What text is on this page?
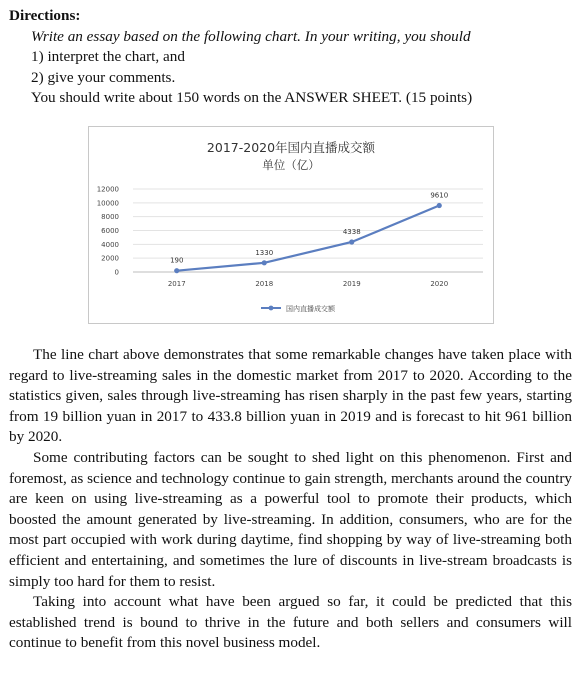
Directions:
Write an essay based on the following chart. In your writing, you should
1) interpret the chart, and
2) give your comments.
You should write about 150 words on the ANSWER SHEET. (15 points)
2017-2020年国内直播成交额
单位（亿）
0
2000
4000
6000
8000
10000
12000
2017	2018	2019	2020
190
1330
4338
9610
国内直播成交额

The line chart above demonstrates that some remarkable changes have taken place with regard to live-streaming sales in the domestic market from 2017 to 2020. According to the statistics given, sales through live-streaming has risen sharply in the past few years, starting from 19 billion yuan in 2017 to 433.8 billion yuan in 2019 and is forecast to hit 961 billion by 2020.

Some contributing factors can be sought to shed light on this phenomenon. First and foremost, as science and technology continue to gain strength, merchants around the country are keen on using live-streaming as a powerful tool to promote their products, which boosted the amount generated by live-streaming. In addition, consumers, who are for the most part occupied with work during daytime, find shopping by way of live-streaming both efficient and entertaining, and sometimes the lure of discounts in live-stream broadcasts is simply too hard for them to resist.

Taking into account what have been argued so far, it could be predicted that this established trend is bound to thrive in the future and both sellers and consumers will continue to benefit from this novel business model.
